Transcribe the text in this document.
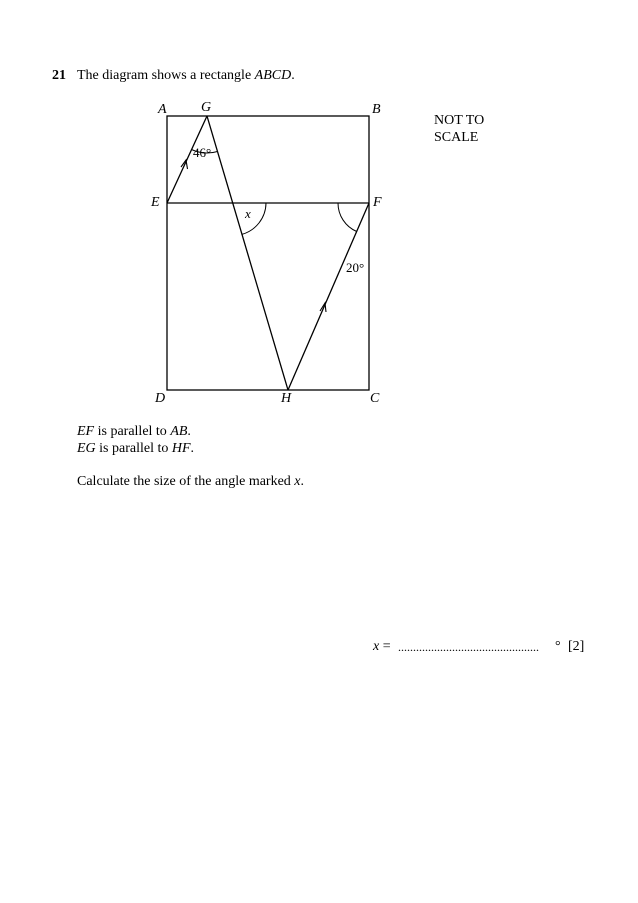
21 The diagram shows a rectangle ABCD.
NOT TO
SCALE
A G	B
E	F
D	H	C
46°
20°
x
EF is parallel to AB.
EG is parallel to HF.
Calculate the size of the angle marked x.
x = ............................................... ° [2]
